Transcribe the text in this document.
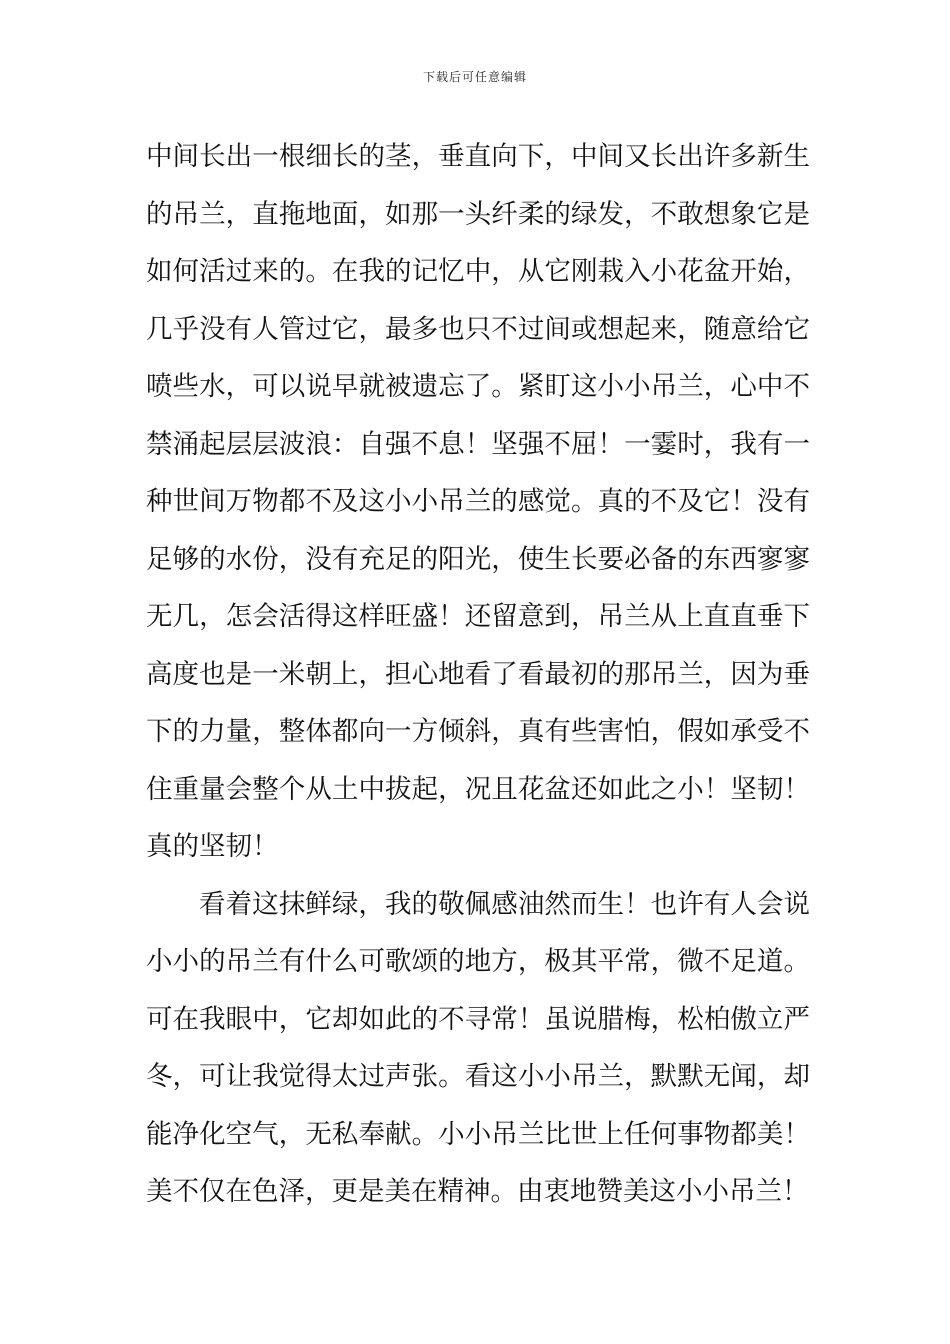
下载后可任意编辑
中间长出一根细长的茎，垂直向下，中间又长出许多新生
的吊兰，直拖地面，如那一头纤柔的绿发，不敢想象它是
如何活过来的。在我的记忆中，从它刚栽入小花盆开始，
几乎没有人管过它，最多也只不过间或想起来，随意给它
喷些水，可以说早就被遗忘了。紧盯这小小吊兰，心中不
禁涌起层层波浪：自强不息！坚强不屈！一霎时，我有一
种世间万物都不及这小小吊兰的感觉。真的不及它！没有
足够的水份，没有充足的阳光，使生长要必备的东西寥寥
无几，怎会活得这样旺盛！还留意到，吊兰从上直直垂下
高度也是一米朝上，担心地看了看最初的那吊兰，因为垂
下的力量，整体都向一方倾斜，真有些害怕，假如承受不
住重量会整个从土中拔起，况且花盆还如此之小！坚韧！
真的坚韧！
看着这抹鲜绿，我的敬佩感油然而生！也许有人会说
小小的吊兰有什么可歌颂的地方，极其平常，微不足道。
可在我眼中，它却如此的不寻常！虽说腊梅，松柏傲立严
冬，可让我觉得太过声张。看这小小吊兰，默默无闻，却
能净化空气，无私奉献。小小吊兰比世上任何事物都美！
美不仅在色泽，更是美在精神。由衷地赞美这小小吊兰！
